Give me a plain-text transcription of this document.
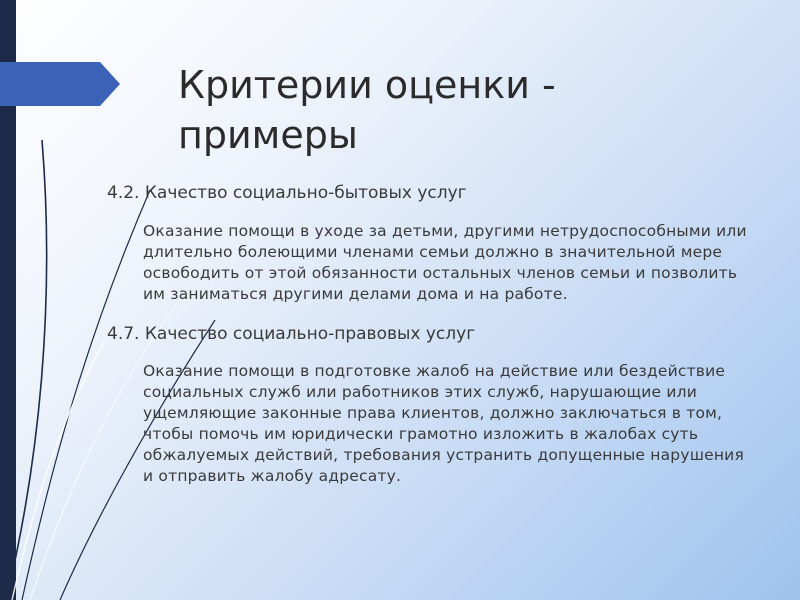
Критерии оценки - примеры

4.2. Качество социально-бытовых услуг

Оказание помощи в уходе за детьми, другими нетрудоспособными или длительно болеющими членами семьи должно в значительной мере освободить от этой обязанности остальных членов семьи и позволить им заниматься другими делами дома и на работе.

4.7. Качество социально-правовых услуг

Оказание помощи в подготовке жалоб на действие или бездействие социальных служб или работников этих служб, нарушающие или ущемляющие законные права клиентов, должно заключаться в том, чтобы помочь им юридически грамотно изложить в жалобах суть обжалуемых действий, требования устранить допущенные нарушения и отправить жалобу адресату.
